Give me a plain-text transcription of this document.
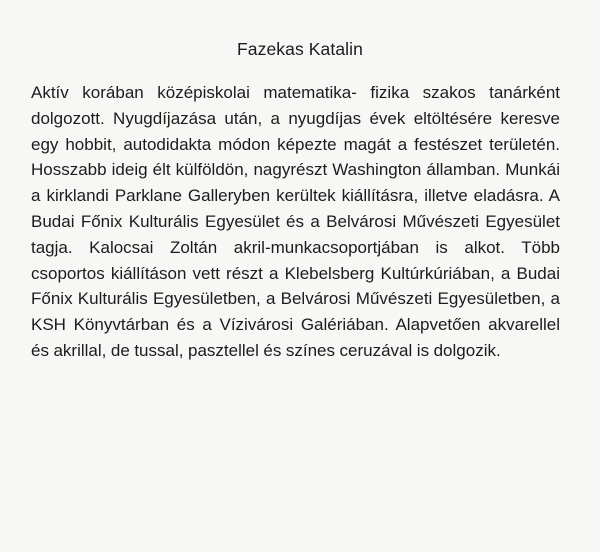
Fazekas Katalin

Aktív korában középiskolai matematika- fizika szakos tanárként dolgozott. Nyugdíjazása után, a nyugdíjas évek eltöltésére keresve egy hobbit, autodidakta módon képezte magát a festészet területén. Hosszabb ideig élt külföldön, nagyrészt Washington államban. Munkái a kirklandi Parklane Galleryben kerültek kiállításra, illetve eladásra. A Budai Főnix Kulturális Egyesület és a Belvárosi Művészeti Egyesület tagja. Kalocsai Zoltán akril-munkacsoportjában is alkot. Több csoportos kiállításon vett részt a Klebelsberg Kultúrkúriában, a Budai Főnix Kulturális Egyesületben, a Belvárosi Művészeti Egyesületben, a KSH Könyvtárban és a Vízivárosi Galériában. Alapvetően akvarellel és akrillal, de tussal, pasztellel és színes ceruzával is dolgozik.
